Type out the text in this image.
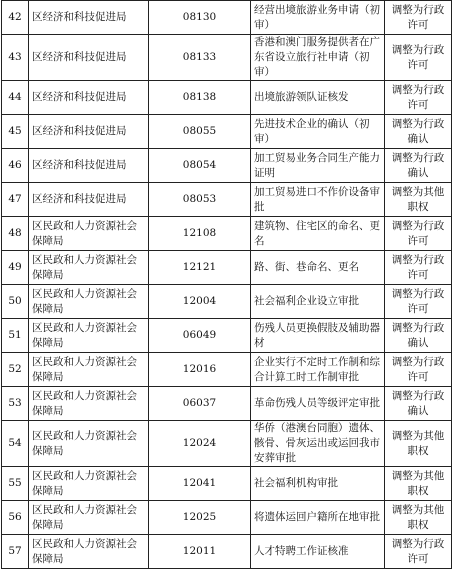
42	区经济和科技促进局	08130	经营出境旅游业务申请（初审）	调整为行政许可
43	区经济和科技促进局	08133	香港和澳门服务提供者在广东省设立旅行社申请（初审）	调整为行政许可
44	区经济和科技促进局	08138	出境旅游领队证核发	调整为行政许可
45	区经济和科技促进局	08055	先进技术企业的确认（初审）	调整为行政确认
46	区经济和科技促进局	08054	加工贸易业务合同生产能力证明	调整为行政确认
47	区经济和科技促进局	08053	加工贸易进口不作价设备审批	调整为其他职权
48	区民政和人力资源社会保障局	12108	建筑物、住宅区的命名、更名	调整为行政许可
49	区民政和人力资源社会保障局	12121	路、街、巷命名、更名	调整为行政许可
50	区民政和人力资源社会保障局	12004	社会福利企业设立审批	调整为行政许可
51	区民政和人力资源社会保障局	06049	伤残人员更换假肢及辅助器材	调整为行政确认
52	区民政和人力资源社会保障局	12016	企业实行不定时工作制和综合计算工时工作制审批	调整为行政许可
53	区民政和人力资源社会保障局	06037	革命伤残人员等级评定审批	调整为行政确认
54	区民政和人力资源社会保障局	12024	华侨（港澳台同胞）遗体、骸骨、骨灰运出或运回我市安葬审批	调整为其他职权
55	区民政和人力资源社会保障局	12041	社会福利机构审批	调整为其他职权
56	区民政和人力资源社会保障局	12025	将遗体运回户籍所在地审批	调整为其他职权
57	区民政和人力资源社会保障局	12011	人才特聘工作证核准	调整为行政许可
